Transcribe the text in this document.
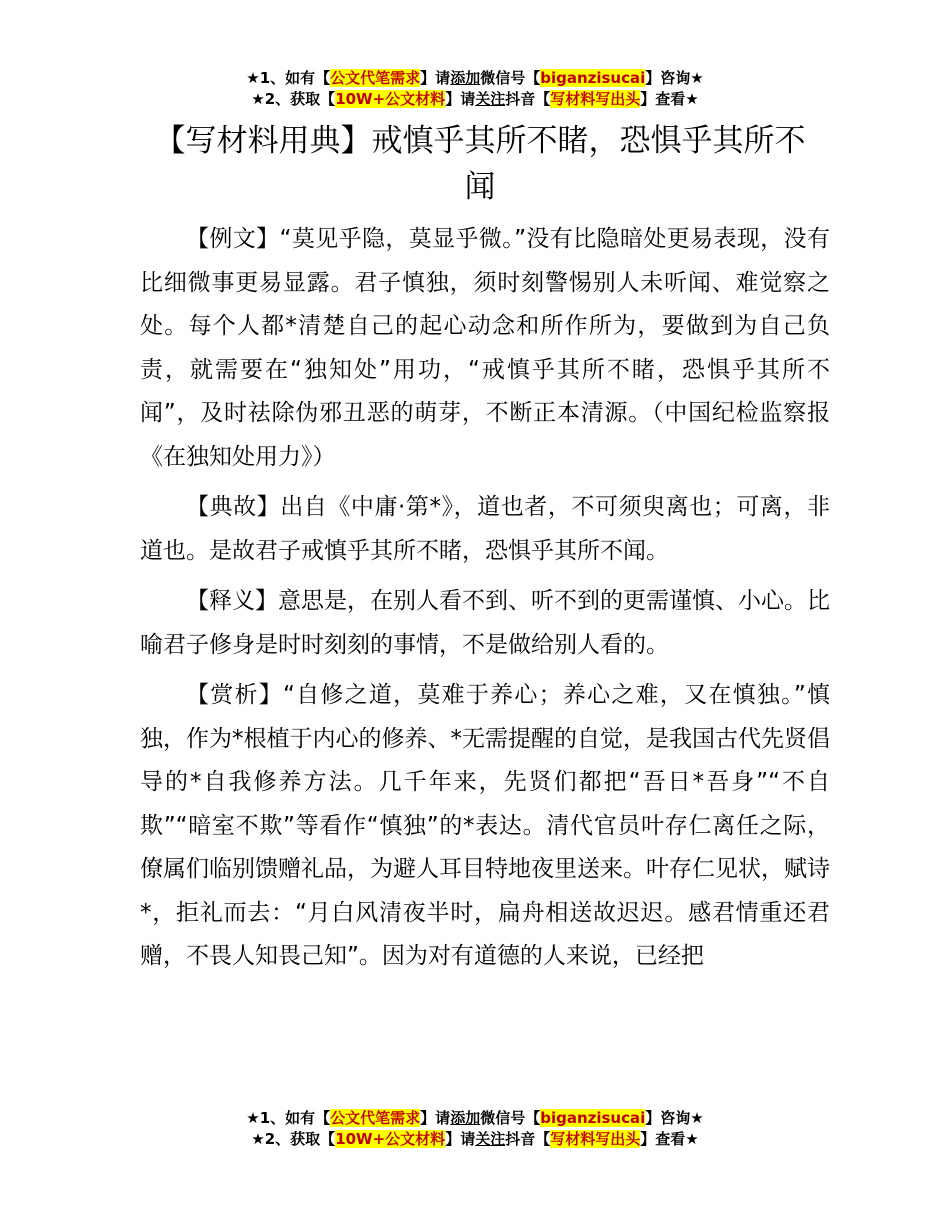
★1、如有【公文代笔需求】请添加微信号【biganzisucai】咨询★
★2、获取【10W+公文材料】请关注抖音【写材料写出头】查看★
【写材料用典】戒慎乎其所不睹，恐惧乎其所不闻

【例文】“莫见乎隐，莫显乎微。”没有比隐暗处更易表现，没有比细微事更易显露。君子慎独，须时刻警惕别人未听闻、难觉察之处。每个人都*清楚自己的起心动念和所作所为，要做到为自己负责，就需要在“独知处”用功，“戒慎乎其所不睹，恐惧乎其所不闻”，及时祛除伪邪丑恶的萌芽，不断正本清源。（中国纪检监察报《在独知处用力》）

【典故】出自《中庸·第*》，道也者，不可须臾离也；可离，非道也。是故君子戒慎乎其所不睹，恐惧乎其所不闻。

【释义】意思是，在别人看不到、听不到的更需谨慎、小心。比喻君子修身是时时刻刻的事情，不是做给别人看的。

【赏析】“自修之道，莫难于养心；养心之难，又在慎独。”慎独，作为*根植于内心的修养、*无需提醒的自觉，是我国古代先贤倡导的*自我修养方法。几千年来，先贤们都把“吾日*吾身”“不自欺”“暗室不欺”等看作“慎独”的*表达。清代官员叶存仁离任之际，僚属们临别馈赠礼品，为避人耳目特地夜里送来。叶存仁见状，赋诗*，拒礼而去：“月白风清夜半时，扁舟相送故迟迟。感君情重还君赠，不畏人知畏己知”。因为对有道德的人来说，已经把

★1、如有【公文代笔需求】请添加微信号【biganzisucai】咨询★
★2、获取【10W+公文材料】请关注抖音【写材料写出头】查看★
